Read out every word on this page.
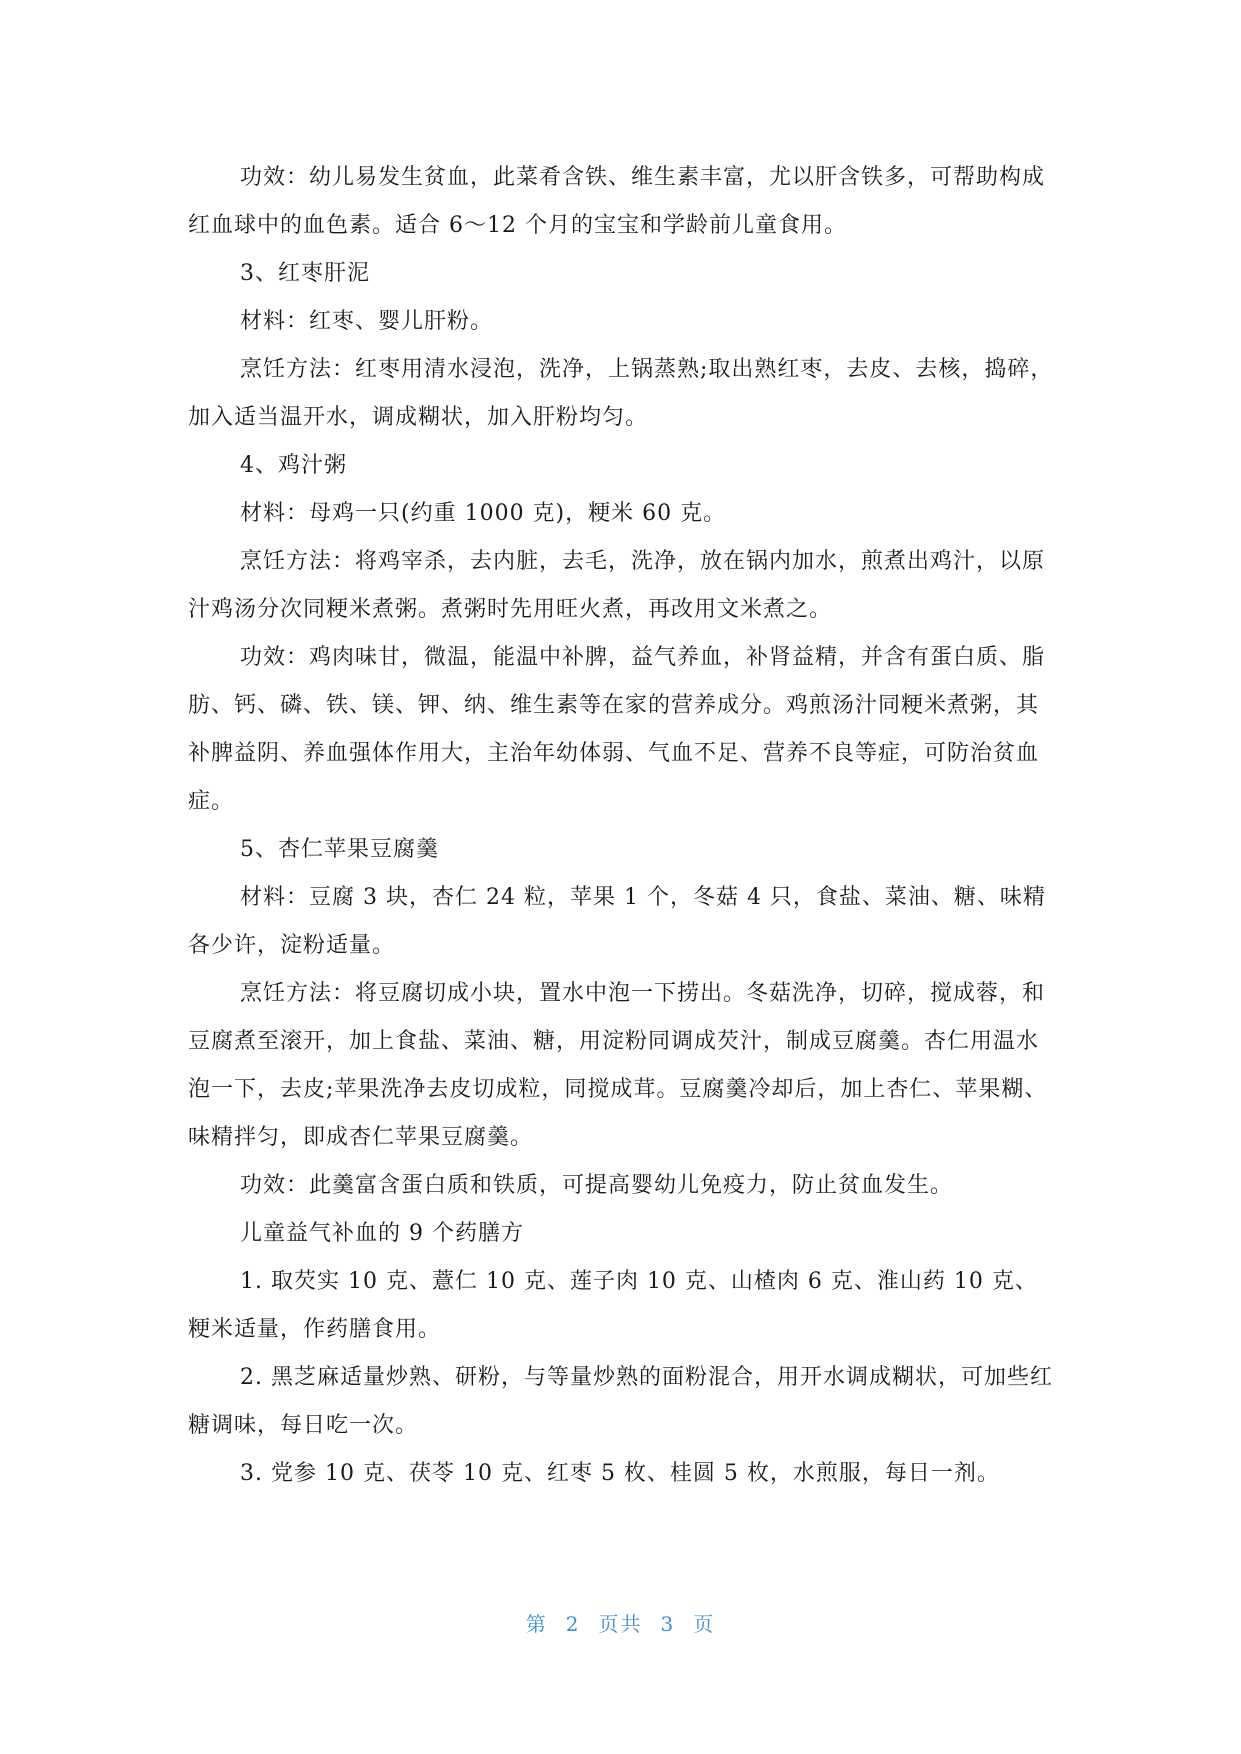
功效：幼儿易发生贫血，此菜肴含铁、维生素丰富，尤以肝含铁多，可帮助构成红血球中的血色素。适合 6～12 个月的宝宝和学龄前儿童食用。

3、红枣肝泥

材料：红枣、婴儿肝粉。

烹饪方法：红枣用清水浸泡，洗净，上锅蒸熟;取出熟红枣，去皮、去核，捣碎，加入适当温开水，调成糊状，加入肝粉均匀。

4、鸡汁粥

材料：母鸡一只(约重 1000 克)，粳米 60 克。

烹饪方法：将鸡宰杀，去内脏，去毛，洗净，放在锅内加水，煎煮出鸡汁，以原汁鸡汤分次同粳米煮粥。煮粥时先用旺火煮，再改用文米煮之。

功效：鸡肉味甘，微温，能温中补脾，益气养血，补肾益精，并含有蛋白质、脂肪、钙、磷、铁、镁、钾、纳、维生素等在家的营养成分。鸡煎汤汁同粳米煮粥，其补脾益阴、养血强体作用大，主治年幼体弱、气血不足、营养不良等症，可防治贫血症。

5、杏仁苹果豆腐羹

材料：豆腐 3 块，杏仁 24 粒，苹果 1 个，冬菇 4 只，食盐、菜油、糖、味精各少许，淀粉适量。

烹饪方法：将豆腐切成小块，置水中泡一下捞出。冬菇洗净，切碎，搅成蓉，和豆腐煮至滚开，加上食盐、菜油、糖，用淀粉同调成芡汁，制成豆腐羹。杏仁用温水泡一下，去皮;苹果洗净去皮切成粒，同搅成茸。豆腐羹冷却后，加上杏仁、苹果糊、味精拌匀，即成杏仁苹果豆腐羹。

功效：此羹富含蛋白质和铁质，可提高婴幼儿免疫力，防止贫血发生。

儿童益气补血的 9 个药膳方

1. 取芡实 10 克、薏仁 10 克、莲子肉 10 克、山楂肉 6 克、淮山药 10 克、粳米适量，作药膳食用。

2. 黑芝麻适量炒熟、研粉，与等量炒熟的面粉混合，用开水调成糊状，可加些红糖调味，每日吃一次。

3. 党参 10 克、茯苓 10 克、红枣 5 枚、桂圆 5 枚，水煎服，每日一剂。

第 2 页共 3 页
